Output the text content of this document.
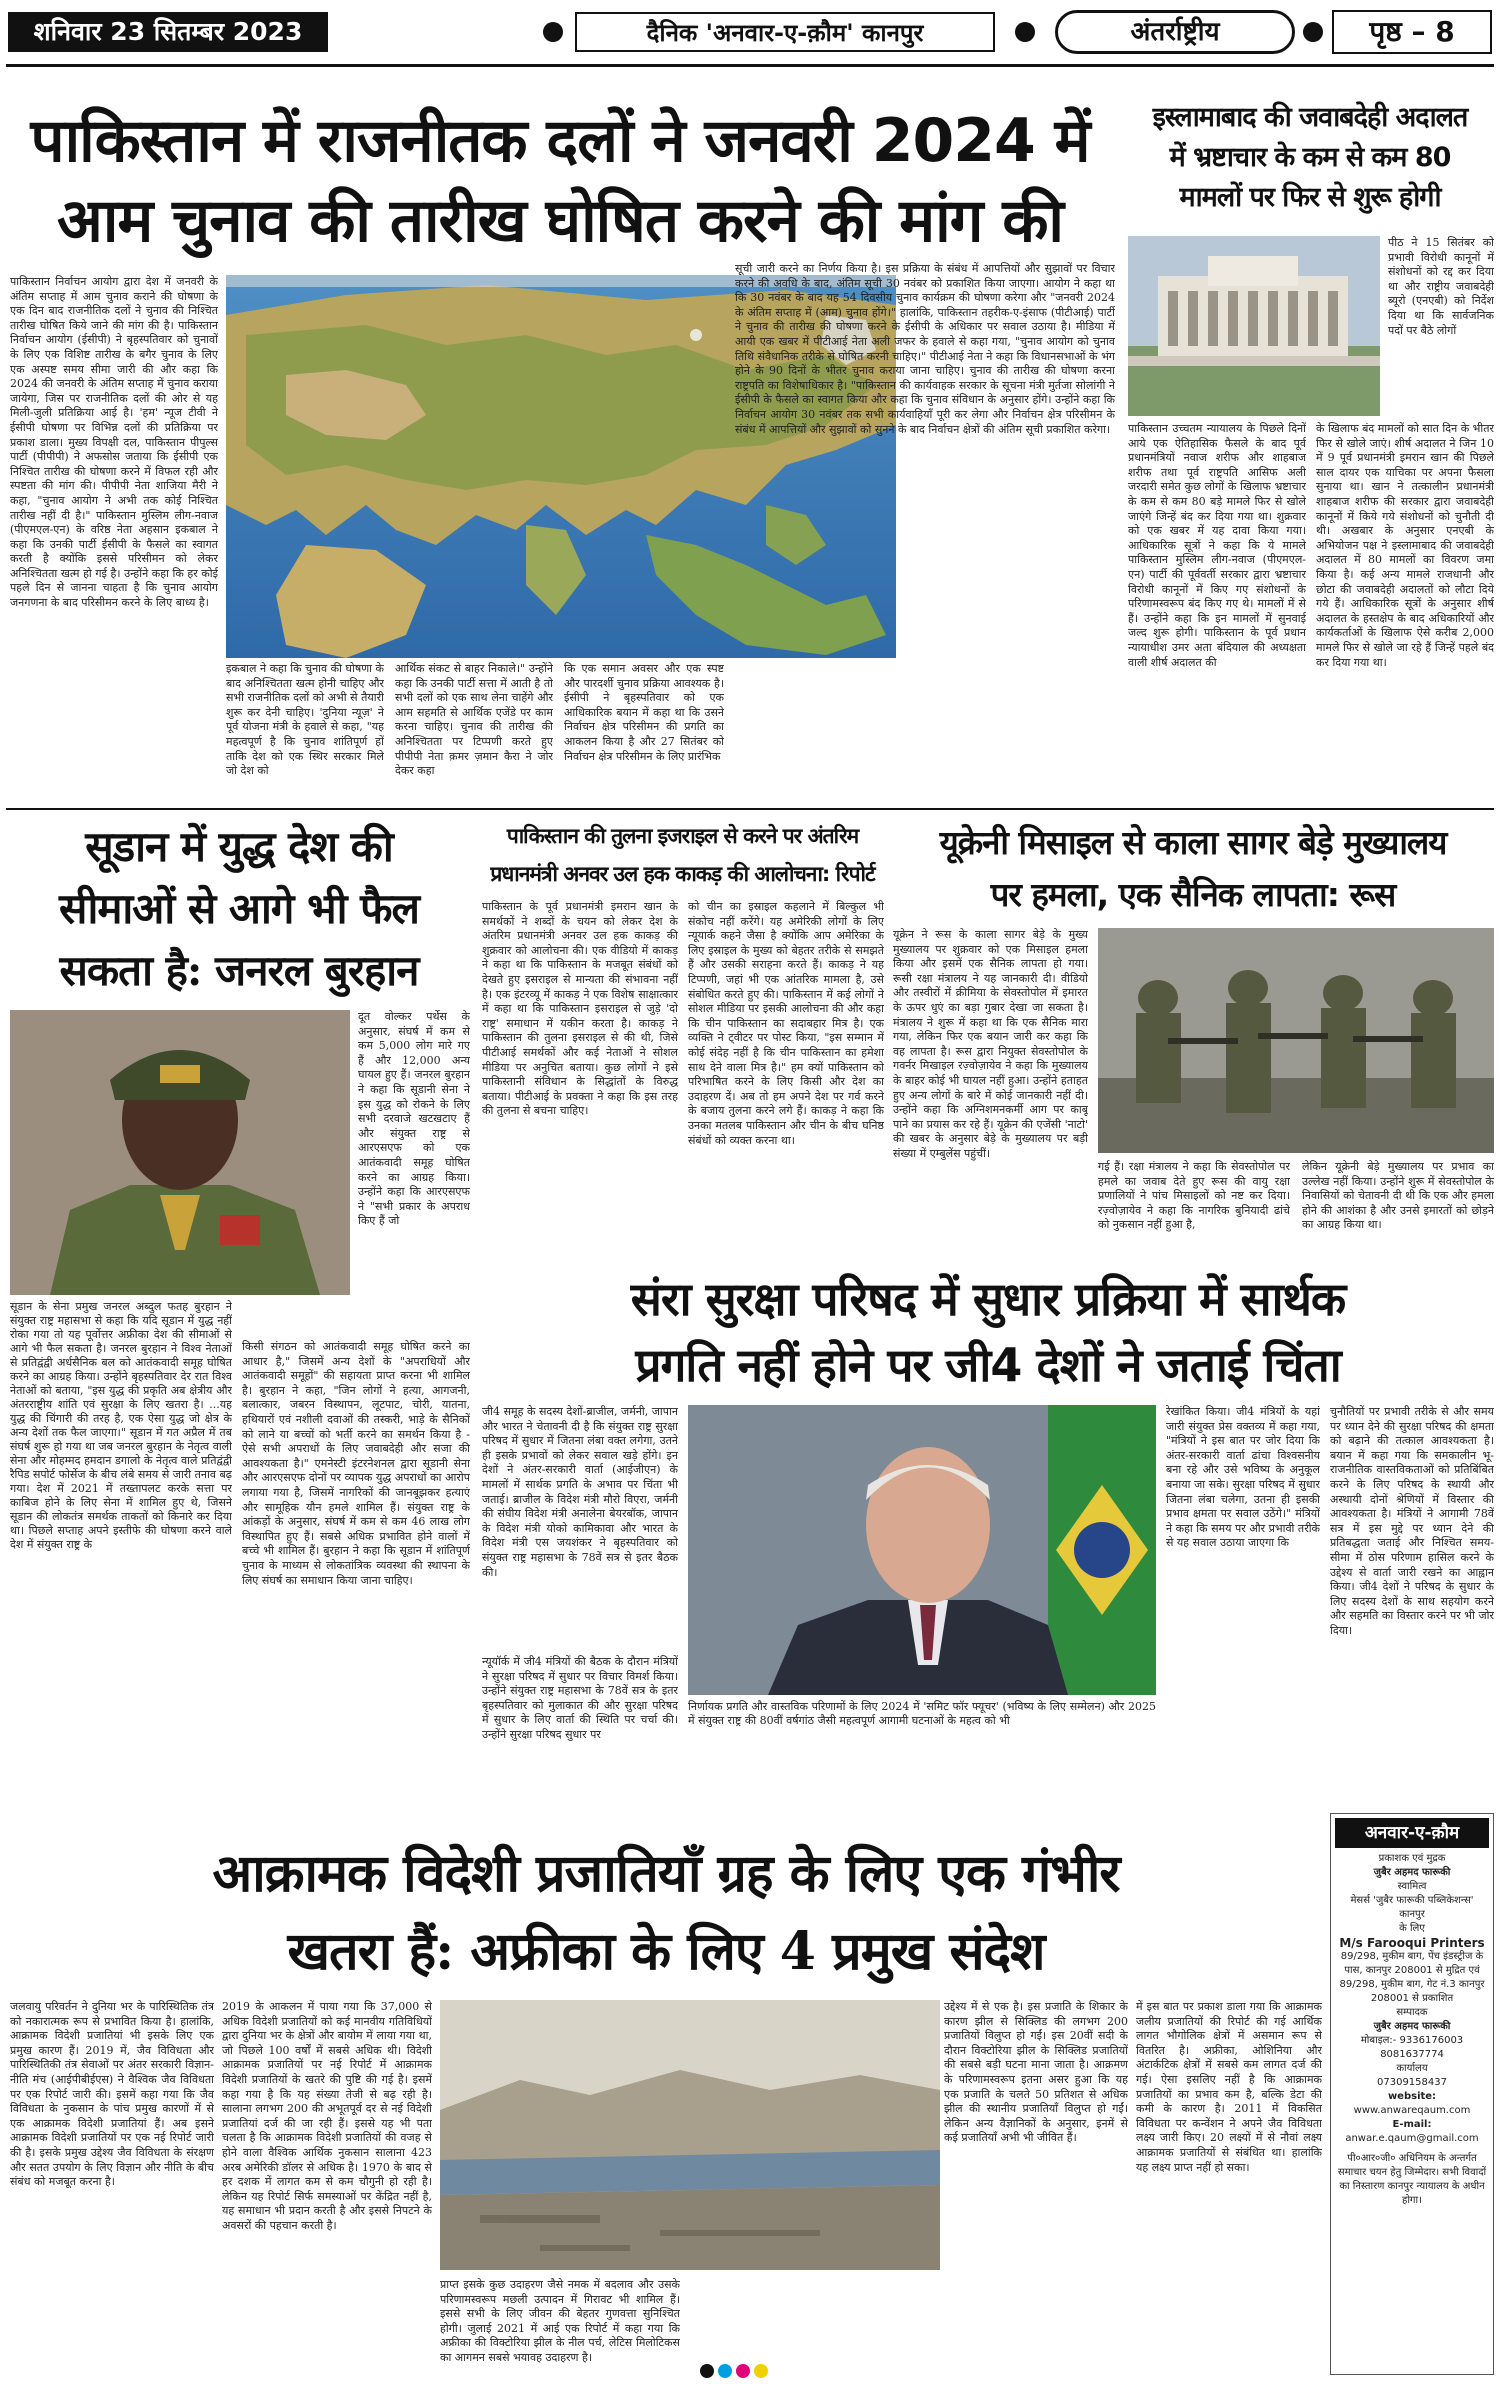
शनिवार 23 सितम्बर 2023	दैनिक 'अनवार-ए-क़ौम' कानपुर	अंतर्राष्ट्रीय	पृष्ठ – 8
पाकिस्तान में राजनीतक दलों ने जनवरी 2024 में
आम चुनाव की तारीख घोषित करने की मांग की
पाकिस्तान निर्वाचन आयोग द्वारा देश में जनवरी के अंतिम सप्ताह में आम चुनाव कराने की घोषणा के एक दिन बाद राजनीतिक दलों ने चुनाव की निश्चित तारीख घोषित किये जाने की मांग की है। पाकिस्तान निर्वाचन आयोग (ईसीपी) ने बृहस्पतिवार को चुनावों के लिए एक विशिष्ट तारीख के बगैर चुनाव के लिए एक अस्पष्ट समय सीमा जारी की और कहा कि 2024 की जनवरी के अंतिम सप्ताह में चुनाव कराया जायेगा, जिस पर राजनीतिक दलों की ओर से यह मिली-जुली प्रतिक्रिया आई है। 'हम' न्यूज टीवी ने ईसीपी घोषणा पर विभिन्न दलों की प्रतिक्रिया पर प्रकाश डाला। मुख्य विपक्षी दल, पाकिस्तान पीपुल्स पार्टी (पीपीपी) ने अफसोस जताया कि ईसीपी एक निश्चित तारीख की घोषणा करने में विफल रही और स्पष्टता की मांग की। पीपीपी नेता शाजिया मैरी ने कहा, "चुनाव आयोग ने अभी तक कोई निश्चित तारीख नहीं दी है।" पाकिस्तान मुस्लिम लीग-नवाज (पीएमएल-एन) के वरिष्ठ नेता अहसान इकबाल ने कहा कि उनकी पार्टी ईसीपी के फैसले का स्वागत करती है क्योंकि इससे परिसीमन को लेकर अनिश्चितता खत्म हो गई है। उन्होंने कहा कि हर कोई पहले दिन से जानना चाहता है कि चुनाव आयोग जनगणना के बाद परिसीमन करने के लिए बाध्य है।
इकबाल ने कहा कि चुनाव की घोषणा के बाद अनिश्चितता खत्म होनी चाहिए और सभी राजनीतिक दलों को अभी से तैयारी शुरू कर देनी चाहिए। 'दुनिया न्यूज़' ने पूर्व योजना मंत्री के हवाले से कहा, "यह महत्वपूर्ण है कि चुनाव शांतिपूर्ण हों ताकि देश को एक स्थिर सरकार मिले जो देश को
आर्थिक संकट से बाहर निकाले।" उन्होंने कहा कि उनकी पार्टी सत्ता में आती है तो सभी दलों को एक साथ लेना चाहेंगे और आम सहमति से आर्थिक एजेंडे पर काम करना चाहिए। चुनाव की तारीख की अनिश्चितता पर टिप्पणी करते हुए पीपीपी नेता क़मर ज़मान कैरा ने जोर देकर कहा
कि एक समान अवसर और एक स्पष्ट और पारदर्शी चुनाव प्रक्रिया आवश्यक है। ईसीपी ने बृहस्पतिवार को एक आधिकारिक बयान में कहा था कि उसने निर्वाचन क्षेत्र परिसीमन की प्रगति का आकलन किया है और 27 सितंबर को निर्वाचन क्षेत्र परिसीमन के लिए प्रारंभिक
सूची जारी करने का निर्णय किया है। इस प्रक्रिया के संबंध में आपत्तियों और सुझावों पर विचार करने की अवधि के बाद, अंतिम सूची 30 नवंबर को प्रकाशित किया जाएगा। आयोग ने कहा था कि 30 नवंबर के बाद यह 54 दिवसीय चुनाव कार्यक्रम की घोषणा करेगा और "जनवरी 2024 के अंतिम सप्ताह में (आम) चुनाव होंगे।" हालांकि, पाकिस्तान तहरीक-ए-इंसाफ (पीटीआई) पार्टी ने चुनाव की तारीख की घोषणा करने के ईसीपी के अधिकार पर सवाल उठाया है। मीडिया में आयी एक खबर में पीटीआई नेता अली जफर के हवाले से कहा गया, "चुनाव आयोग को चुनाव तिथि संवैधानिक तरीके से घोषित करनी चाहिए।" पीटीआई नेता ने कहा कि विधानसभाओं के भंग होने के 90 दिनों के भीतर चुनाव कराया जाना चाहिए। चुनाव की तारीख की घोषणा करना राष्ट्रपति का विशेषाधिकार है। "पाकिस्तान की कार्यवाहक सरकार के सूचना मंत्री मुर्तजा सोलांगी ने ईसीपी के फैसले का स्वागत किया और कहा कि चुनाव संविधान के अनुसार होंगे। उन्होंने कहा कि निर्वाचन आयोग 30 नवंबर तक सभी कार्यवाहियाँ पूरी कर लेगा और निर्वाचन क्षेत्र परिसीमन के संबंध में आपत्तियों और सुझावों को सुनने के बाद निर्वाचन क्षेत्रों की अंतिम सूची प्रकाशित करेगा।
इस्लामाबाद की जवाबदेही अदालत
में भ्रष्टाचार के कम से कम 80
मामलों पर फिर से शुरू होगी
पीठ ने 15 सितंबर को प्रभावी विरोधी कानूनों में संशोधनों को रद्द कर दिया था और राष्ट्रीय जवाबदेही ब्यूरो (एनएबी) को निर्देश दिया था कि सार्वजनिक पदों पर बैठे लोगों
पाकिस्तान उच्चतम न्यायालय के पिछले दिनों आये एक ऐतिहासिक फैसले के बाद पूर्व प्रधानमंत्रियों नवाज शरीफ और शाहबाज शरीफ तथा पूर्व राष्ट्रपति आसिफ अली जरदारी समेत कुछ लोगों के खिलाफ भ्रष्टाचार के कम से कम 80 बड़े मामले फिर से खोले जाएंगे जिन्हें बंद कर दिया गया था। शुक्रवार को एक खबर में यह दावा किया गया। आधिकारिक सूत्रों ने कहा कि ये मामले पाकिस्तान मुस्लिम लीग-नवाज (पीएमएल-एन) पार्टी की पूर्ववर्ती सरकार द्वारा भ्रष्टाचार विरोधी कानूनों में किए गए संशोधनों के परिणामस्वरूप बंद किए गए थे। मामलों में से हैं। उन्होंने कहा कि इन मामलों में सुनवाई जल्द शुरू होगी। पाकिस्तान के पूर्व प्रधान न्यायाधीश उमर अता बंदियाल की अध्यक्षता वाली शीर्ष अदालत की
के खिलाफ बंद मामलों को सात दिन के भीतर फिर से खोले जाएं। शीर्ष अदालत ने जिन 10 में 9 पूर्व प्रधानमंत्री इमरान खान की पिछले साल दायर एक याचिका पर अपना फैसला सुनाया था। खान ने तत्कालीन प्रधानमंत्री शाहबाज शरीफ की सरकार द्वारा जवाबदेही कानूनों में किये गये संशोधनों को चुनौती दी थी। अखबार के अनुसार एनएबी के अभियोजन पक्ष ने इस्लामाबाद की जवाबदेही अदालत में 80 मामलों का विवरण जमा किया है। कई अन्य मामले राजधानी और छोटा की जवाबदेही अदालतों को लौटा दिये गये हैं। आधिकारिक सूत्रों के अनुसार शीर्ष अदालत के हस्तक्षेप के बाद अधिकारियों और कार्यकर्ताओं के खिलाफ ऐसे करीब 2,000 मामले फिर से खोले जा रहे हैं जिन्हें पहले बंद कर दिया गया था।
सूडान में युद्ध देश की
सीमाओं से आगे भी फैल
सकता है: जनरल बुरहान
दूत वोल्कर पर्थेस के अनुसार, संघर्ष में कम से कम 5,000 लोग मारे गए हैं और 12,000 अन्य घायल हुए हैं। जनरल बुरहान ने कहा कि सूडानी सेना ने इस युद्ध को रोकने के लिए सभी दरवाजे खटखटाए हैं और संयुक्त राष्ट्र से आरएसएफ को एक आतंकवादी समूह घोषित करने का आग्रह किया। उन्होंने कहा कि आरएसएफ ने "सभी प्रकार के अपराध किए हैं जो
सूडान के सेना प्रमुख जनरल अब्दुल फतह बुरहान ने संयुक्त राष्ट्र महासभा से कहा कि यदि सूडान में युद्ध नहीं रोका गया तो यह पूर्वोत्तर अफ्रीका देश की सीमाओं से आगे भी फैल सकता है। जनरल बुरहान ने विश्व नेताओं से प्रतिद्वंद्वी अर्धसैनिक बल को आतंकवादी समूह घोषित करने का आग्रह किया। उन्होंने बृहस्पतिवार देर रात विश्व नेताओं को बताया, "इस युद्ध की प्रकृति अब क्षेत्रीय और अंतरराष्ट्रीय शांति एवं सुरक्षा के लिए खतरा है। ...यह युद्ध की चिंगारी की तरह है, एक ऐसा युद्ध जो क्षेत्र के अन्य देशों तक फैल जाएगा।" सूडान में गत अप्रैल में तब संघर्ष शुरू हो गया था जब जनरल बुरहान के नेतृत्व वाली सेना और मोहम्मद हमदान डगालो के नेतृत्व वाले प्रतिद्वंद्वी रैपिड सपोर्ट फोर्सेज के बीच लंबे समय से जारी तनाव बढ़ गया। देश में 2021 में तख्तापलट करके सत्ता पर काबिज होने के लिए सेना में शामिल हुए थे, जिसने सूडान की लोकतंत्र समर्थक ताकतों को किनारे कर दिया था। पिछले सप्ताह अपने इस्तीफे की घोषणा करने वाले देश में संयुक्त राष्ट्र के
किसी संगठन को आतंकवादी समूह घोषित करने का आधार है," जिसमें अन्य देशों के "अपराधियों और आतंकवादी समूहों" की सहायता प्राप्त करना भी शामिल है। बुरहान ने कहा, "जिन लोगों ने हत्या, आगजनी, बलात्कार, जबरन विस्थापन, लूटपाट, चोरी, यातना, हथियारों एवं नशीली दवाओं की तस्करी, भाड़े के सैनिकों को लाने या बच्चों को भर्ती करने का समर्थन किया है - ऐसे सभी अपराधों के लिए जवाबदेही और सजा की आवश्यकता है।" एमनेस्टी इंटरनेशनल द्वारा सूडानी सेना और आरएसएफ दोनों पर व्यापक युद्ध अपराधों का आरोप लगाया गया है, जिसमें नागरिकों की जानबूझकर हत्याएं और सामूहिक यौन हमले शामिल हैं। संयुक्त राष्ट्र के आंकड़ों के अनुसार, संघर्ष में कम से कम 46 लाख लोग विस्थापित हुए हैं। सबसे अधिक प्रभावित होने वालों में बच्चे भी शामिल हैं। बुरहान ने कहा कि सूडान में शांतिपूर्ण चुनाव के माध्यम से लोकतांत्रिक व्यवस्था की स्थापना के लिए संघर्ष का समाधान किया जाना चाहिए।
पाकिस्तान की तुलना इजराइल से करने पर अंतरिम
प्रधानमंत्री अनवर उल हक काकड़ की आलोचना: रिपोर्ट
पाकिस्तान के पूर्व प्रधानमंत्री इमरान खान के समर्थकों ने शब्दों के चयन को लेकर देश के अंतरिम प्रधानमंत्री अनवर उल हक काकड़ की शुक्रवार को आलोचना की। एक वीडियो में काकड़ ने कहा था कि पाकिस्तान के मजबूत संबंधों को देखते हुए इसराइल से मान्यता की संभावना नहीं है। एक इंटरव्यू में काकड़ ने एक विशेष साक्षात्कार में कहा था कि पाकिस्तान इसराइल से जुड़े 'दो राष्ट्र' समाधान में यकीन करता है। काकड़ ने पाकिस्तान की तुलना इसराइल से की थी, जिसे पीटीआई समर्थकों और कई नेताओं ने सोशल मीडिया पर अनुचित बताया। कुछ लोगों ने इसे पाकिस्तानी संविधान के सिद्धांतों के विरुद्ध बताया। पीटीआई के प्रवक्ता ने कहा कि इस तरह की तुलना से बचना चाहिए।
को चीन का इस्राइल कहलाने में बिल्कुल भी संकोच नहीं करेंगे। यह अमेरिकी लोगों के लिए न्यूयार्क कहने जैसा है क्योंकि आप अमेरिका के लिए इस्राइल के मुख्य को बेहतर तरीके से समझते हैं और उसकी सराहना करते हैं। काकड़ ने यह टिप्पणी, जहां भी एक आंतरिक मामला है, उसे संबोधित करते हुए की। पाकिस्तान में कई लोगों ने सोशल मीडिया पर इसकी आलोचना की और कहा कि चीन पाकिस्तान का सदाबहार मित्र है। एक व्यक्ति ने ट्वीटर पर पोस्ट किया, "इस सम्मान में कोई संदेह नहीं है कि चीन पाकिस्तान का हमेशा साथ देने वाला मित्र है।" हम क्यों पाकिस्तान को परिभाषित करने के लिए किसी और देश का उदाहरण दें। अब तो हम अपने देश पर गर्व करने के बजाय तुलना करने लगे हैं। काकड़ ने कहा कि उनका मतलब पाकिस्तान और चीन के बीच घनिष्ठ संबंधों को व्यक्त करना था।
यूक्रेनी मिसाइल से काला सागर बेड़े मुख्यालय
पर हमला, एक सैनिक लापता: रूस
यूक्रेन ने रूस के काला सागर बेड़े के मुख्य मुख्यालय पर शुक्रवार को एक मिसाइल हमला किया और इसमें एक सैनिक लापता हो गया। रूसी रक्षा मंत्रालय ने यह जानकारी दी। वीडियो और तस्वीरों में क्रीमिया के सेवस्तोपोल में इमारत के ऊपर धुएं का बड़ा गुबार देखा जा सकता है। मंत्रालय ने शुरू में कहा था कि एक सैनिक मारा गया, लेकिन फिर एक बयान जारी कर कहा कि वह लापता है। रूस द्वारा नियुक्त सेवस्तोपोल के गवर्नर मिखाइल रज़्वोज़ायेव ने कहा कि मुख्यालय के बाहर कोई भी घायल नहीं हुआ। उन्होंने हताहत हुए अन्य लोगों के बारे में कोई जानकारी नहीं दी। उन्होंने कहा कि अग्निशमनकर्मी आग पर काबू पाने का प्रयास कर रहे हैं। यूक्रेन की एजेंसी 'नाटो' की खबर के अनुसार बेड़े के मुख्यालय पर बड़ी संख्या में एम्बुलेंस पहुंचीं।
गई हैं। रक्षा मंत्रालय ने कहा कि सेवस्तोपोल पर हमले का जवाब देते हुए रूस की वायु रक्षा प्रणालियों ने पांच मिसाइलों को नष्ट कर दिया। रज़्वोज़ायेव ने कहा कि नागरिक बुनियादी ढांचे को नुकसान नहीं हुआ है,
लेकिन यूक्रेनी बेड़े मुख्यालय पर प्रभाव का उल्लेख नहीं किया। उन्होंने शुरू में सेवस्तोपोल के निवासियों को चेतावनी दी थी कि एक और हमला होने की आशंका है और उनसे इमारतों को छोड़ने का आग्रह किया था।
संरा सुरक्षा परिषद में सुधार प्रक्रिया में सार्थक
प्रगति नहीं होने पर जी4 देशों ने जताई चिंता
जी4 समूह के सदस्य देशों-ब्राजील, जर्मनी, जापान और भारत ने चेतावनी दी है कि संयुक्त राष्ट्र सुरक्षा परिषद में सुधार में जितना लंबा वक्त लगेगा, उतने ही इसके प्रभावों को लेकर सवाल खड़े होंगे। इन देशों ने अंतर-सरकारी वार्ता (आईजीएन) के मामलों में सार्थक प्रगति के अभाव पर चिंता भी जताई। ब्राजील के विदेश मंत्री मौरो विएरा, जर्मनी की संघीय विदेश मंत्री अनालेना बेयरबॉक, जापान के विदेश मंत्री योको कामिकावा और भारत के विदेश मंत्री एस जयशंकर ने बृहस्पतिवार को संयुक्त राष्ट्र महासभा के 78वें सत्र से इतर बैठक की।
न्यूयॉर्क में जी4 मंत्रियों की बैठक के दौरान मंत्रियों ने सुरक्षा परिषद में सुधार पर विचार विमर्श किया। उन्होंने संयुक्त राष्ट्र महासभा के 78वें सत्र के इतर बृहस्पतिवार को मुलाकात की और सुरक्षा परिषद में सुधार के लिए वार्ता की स्थिति पर चर्चा की। उन्होंने सुरक्षा परिषद सुधार पर
निर्णायक प्रगति और वास्तविक परिणामों के लिए 2024 में 'समिट फॉर फ्यूचर' (भविष्य के लिए सम्मेलन) और 2025 में संयुक्त राष्ट्र की 80वीं वर्षगांठ जैसी महत्वपूर्ण आगामी घटनाओं के महत्व को भी
रेखांकित किया। जी4 मंत्रियों के यहां जारी संयुक्त प्रेस वक्तव्य में कहा गया, "मंत्रियों ने इस बात पर जोर दिया कि अंतर-सरकारी वार्ता ढांचा विश्वसनीय बना रहे और उसे भविष्य के अनुकूल बनाया जा सके। सुरक्षा परिषद में सुधार जितना लंबा चलेगा, उतना ही इसकी प्रभाव क्षमता पर सवाल उठेंगे।" मंत्रियों ने कहा कि समय पर और प्रभावी तरीके से यह सवाल उठाया जाएगा कि
चुनौतियों पर प्रभावी तरीके से और समय पर ध्यान देने की सुरक्षा परिषद की क्षमता को बढ़ाने की तत्काल आवश्यकता है। बयान में कहा गया कि समकालीन भू-राजनीतिक वास्तविकताओं को प्रतिबिंबित करने के लिए परिषद के स्थायी और अस्थायी दोनों श्रेणियों में विस्तार की आवश्यकता है। मंत्रियों ने आगामी 78वें सत्र में इस मुद्दे पर ध्यान देने की प्रतिबद्धता जताई और निश्चित समय-सीमा में ठोस परिणाम हासिल करने के उद्देश्य से वार्ता जारी रखने का आह्वान किया। जी4 देशों ने परिषद के सुधार के लिए सदस्य देशों के साथ सहयोग करने और सहमति का विस्तार करने पर भी जोर दिया।
आक्रामक विदेशी प्रजातियाँ ग्रह के लिए एक गंभीर
खतरा हैं: अफ्रीका के लिए 4 प्रमुख संदेश
जलवायु परिवर्तन ने दुनिया भर के पारिस्थितिक तंत्र को नकारात्मक रूप से प्रभावित किया है। हालांकि, आक्रामक विदेशी प्रजातियां भी इसके लिए एक प्रमुख कारण हैं। 2019 में, जैव विविधता और पारिस्थितिकी तंत्र सेवाओं पर अंतर सरकारी विज्ञान-नीति मंच (आईपीबीईएस) ने वैश्विक जैव विविधता पर एक रिपोर्ट जारी की। इसमें कहा गया कि जैव विविधता के नुकसान के पांच प्रमुख कारणों में से एक आक्रामक विदेशी प्रजातियां हैं। अब इसने आक्रामक विदेशी प्रजातियों पर एक नई रिपोर्ट जारी की है। इसके प्रमुख उद्देश्य जैव विविधता के संरक्षण और सतत उपयोग के लिए विज्ञान और नीति के बीच संबंध को मजबूत करना है।
2019 के आकलन में पाया गया कि 37,000 से अधिक विदेशी प्रजातियों को कई मानवीय गतिविधियों द्वारा दुनिया भर के क्षेत्रों और बायोम में लाया गया था, जो पिछले 100 वर्षों में सबसे अधिक थी। विदेशी आक्रामक प्रजातियों पर नई रिपोर्ट में आक्रामक विदेशी प्रजातियों के खतरे की पुष्टि की गई है। इसमें कहा गया है कि यह संख्या तेजी से बढ़ रही है। सालाना लगभग 200 की अभूतपूर्व दर से नई विदेशी प्रजातियां दर्ज की जा रही हैं। इससे यह भी पता चलता है कि आक्रामक विदेशी प्रजातियों की वजह से होने वाला वैश्विक आर्थिक नुकसान सालाना 423 अरब अमेरिकी डॉलर से अधिक है। 1970 के बाद से हर दशक में लागत कम से कम चौगुनी हो रही है। लेकिन यह रिपोर्ट सिर्फ समस्याओं पर केंद्रित नहीं है, यह समाधान भी प्रदान करती है और इससे निपटने के अवसरों की पहचान करती है।
प्राप्त इसके कुछ उदाहरण जैसे नमक में बदलाव और उसके परिणामस्वरूप मछली उत्पादन में गिरावट भी शामिल हैं। इससे सभी के लिए जीवन की बेहतर गुणवत्ता सुनिश्चित होगी। जुलाई 2021 में आई एक रिपोर्ट में कहा गया कि अफ्रीका की विक्टोरिया झील के नील पर्च, लेटिस मिलोटिकस का आगमन सबसे भयावह उदाहरण है।
उद्देश्य में से एक है। इस प्रजाति के शिकार के कारण झील से सिक्लिड की लगभग 200 प्रजातियों विलुप्त हो गईं। इस 20वीं सदी के दौरान विक्टोरिया झील के सिक्लिड प्रजातियों की सबसे बड़ी घटना माना जाता है। आक्रमण के परिणामस्वरूप इतना असर हुआ कि यह एक प्रजाति के चलते 50 प्रतिशत से अधिक झील की स्थानीय प्रजातियाँ विलुप्त हो गईं। लेकिन अन्य वैज्ञानिकों के अनुसार, इनमें से कई प्रजातियाँ अभी भी जीवित हैं।
में इस बात पर प्रकाश डाला गया कि आक्रामक जलीय प्रजातियों की रिपोर्ट की गई आर्थिक लागत भौगोलिक क्षेत्रों में असमान रूप से वितरित है। अफ्रीका, ओशिनिया और अंटार्कटिक क्षेत्रों में सबसे कम लागत दर्ज की गई। ऐसा इसलिए नहीं है कि आक्रामक प्रजातियों का प्रभाव कम है, बल्कि डेटा की कमी के कारण है। 2011 में विकसित विविधता पर कन्वेंशन ने अपने जैव विविधता लक्ष्य जारी किए। 20 लक्ष्यों में से नौवां लक्ष्य आक्रामक प्रजातियों से संबंधित था। हालांकि यह लक्ष्य प्राप्त नहीं हो सका।
अनवार-ए-क़ौम
प्रकाशक एवं मुद्रक
जुबैर अहमद फारूकी
स्वामित्व
मेसर्स 'जुबैर फारूकी पब्लिकेशन्स'
कानपुर
के लिए
M/s Farooqui Printers
89/298, मुकीम बाग, पेंच इंडस्ट्रीज के पास, कानपुर 208001 से मुद्रित एवं 89/298, मुकीम बाग, गेट नं.3 कानपुर 208001 से प्रकाशित
सम्पादक
जुबैर अहमद फारूकी
मोबाइल:- 9336176003
8081637774
कार्यालय
07309158437
website:
www.anwareqaum.com
E-mail:
anwar.e.qaum@gmail.com
पी०आर०जी० अधिनियम के अन्तर्गत समाचार चयन हेतु जिम्मेदार। सभी विवादों का निस्तारण कानपुर न्यायालय के अधीन होगा।
